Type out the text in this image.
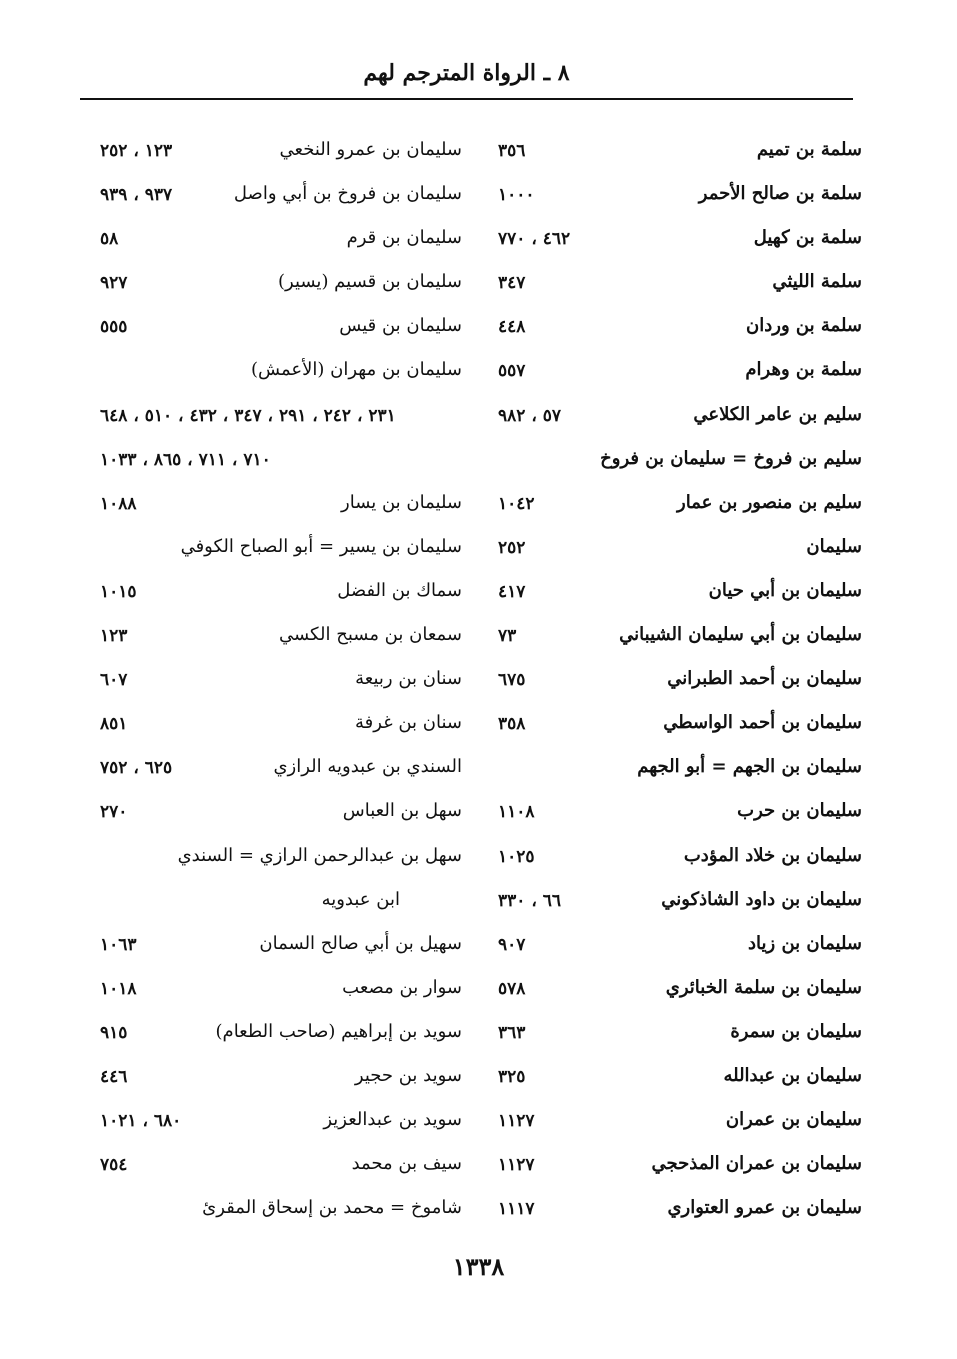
٨ ـ الرواة المترجم لهم
سلمة بن تميم
٣٥٦
سلمة بن صالح الأحمر
١٠٠٠
سلمة بن كهيل
٤٦٢ ، ٧٧٠
سلمة الليثي
٣٤٧
سلمة بن وردان
٤٤٨
سلمة بن وهرام
٥٥٧
سليم بن عامر الكلاعي
٥٧ ، ٩٨٢
سليم بن فروخ = سليمان بن فروخ
سليم بن منصور بن عمار
١٠٤٢
سليمان
٢٥٢
سليمان بن أبي حيان
٤١٧
سليمان بن أبي سليمان الشيباني
٧٣
سليمان بن أحمد الطبراني
٦٧٥
سليمان بن أحمد الواسطي
٣٥٨
سليمان بن الجهم = أبو الجهم
سليمان بن حرب
١١٠٨
سليمان بن خلاد المؤدب
١٠٢٥
سليمان بن داود الشاذكوني
٦٦ ، ٣٣٠
سليمان بن زياد
٩٠٧
سليمان بن سلمة الخبائري
٥٧٨
سليمان بن سمرة
٣٦٣
سليمان بن عبدالله
٣٢٥
سليمان بن عمران
١١٢٧
سليمان بن عمران المذحجي
١١٢٧
سليمان بن عمرو العتواري
١١١٧
سليمان بن عمرو النخعي
١٢٣ ، ٢٥٢
سليمان بن فروخ بن أبي واصل
٩٣٧ ، ٩٣٩
سليمان بن قرم
٥٨
سليمان بن قسيم (يسير)
٩٢٧
سليمان بن قيس
٥٥٥
سليمان بن مهران (الأعمش)
٢٣١ ، ٢٤٢ ، ٢٩١ ، ٣٤٧ ، ٤٣٢ ، ٥١٠ ، ٦٤٨
٧١٠ ، ٧١١ ، ٨٦٥ ، ١٠٣٣
سليمان بن يسار
١٠٨٨
سليمان بن يسير = أبو الصباح الكوفي
سماك بن الفضل
١٠١٥
سمعان بن مسبح الكسي
١٢٣
سنان بن ربيعة
٦٠٧
سنان بن غرفة
٨٥١
السندي بن عبدويه الرازي
٦٢٥ ، ٧٥٢
سهل بن العباس
٢٧٠
سهل بن عبدالرحمن الرازي = السندي
ابن عبدويه
سهيل بن أبي صالح السمان
١٠٦٣
سوار بن مصعب
١٠١٨
سويد بن إبراهيم (صاحب الطعام)
٩١٥
سويد بن حجير
٤٤٦
سويد بن عبدالعزيز
٦٨٠ ، ١٠٢١
سيف بن محمد
٧٥٤
شاموخ = محمد بن إسحاق المقرئ
١٣٣٨
